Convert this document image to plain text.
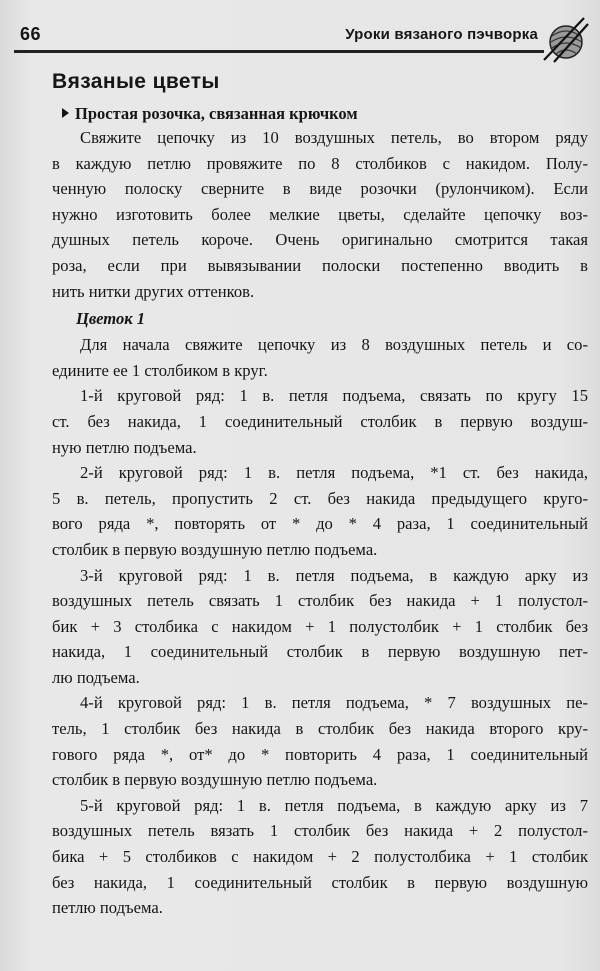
66	Уроки вязаного пэчворка
Вязаные цветы
Простая розочка, связанная крючком

Свяжите цепочку из 10 воздушных петель, во втором ряду
в каждую петлю провяжите по 8 столбиков с накидом. Полу-
ченную полоску сверните в виде розочки (рулончиком). Если
нужно изготовить более мелкие цветы, сделайте цепочку воз-
душных петель короче. Очень оригинально смотрится такая
роза, если при вывязывании полоски постепенно вводить в
нить нитки других оттенков.

Цветок 1

Для начала свяжите цепочку из 8 воздушных петель и со-
едините ее 1 столбиком в круг.

1-й круговой ряд: 1 в. петля подъема, связать по кругу 15
ст. без накида, 1 соединительный столбик в первую воздуш-
ную петлю подъема.

2-й круговой ряд: 1 в. петля подъема, *1 ст. без накида,
5 в. петель, пропустить 2 ст. без накида предыдущего круго-
вого ряда *, повторять от * до * 4 раза, 1 соединительный
столбик в первую воздушную петлю подъема.

3-й круговой ряд: 1 в. петля подъема, в каждую арку из
воздушных петель связать 1 столбик без накида + 1 полустол-
бик + 3 столбика с накидом + 1 полустолбик + 1 столбик без
накида, 1 соединительный столбик в первую воздушную пет-
лю подъема.

4-й круговой ряд: 1 в. петля подъема, * 7 воздушных пе-
тель, 1 столбик без накида в столбик без накида второго кру-
гового ряда *, от* до * повторить 4 раза, 1 соединительный
столбик в первую воздушную петлю подъема.

5-й круговой ряд: 1 в. петля подъема, в каждую арку из 7
воздушных петель вязать 1 столбик без накида + 2 полустол-
бика + 5 столбиков с накидом + 2 полустолбика + 1 столбик
без накида, 1 соединительный столбик в первую воздушную
петлю подъема.
